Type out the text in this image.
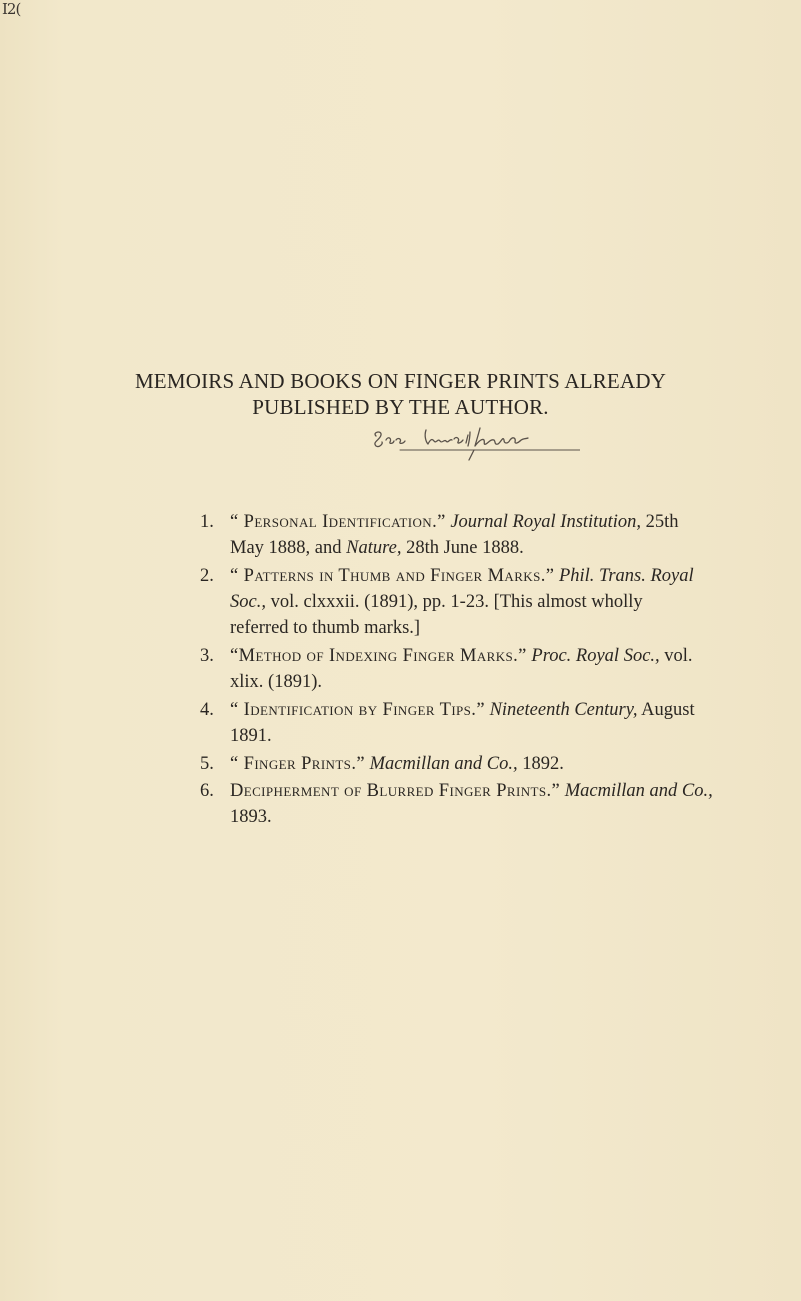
I2(
MEMOIRS AND BOOKS ON FINGER PRINTS ALREADY
PUBLISHED BY THE AUTHOR.
1. “ Personal Identification.” Journal Royal Institution, 25th
May 1888, and Nature, 28th June 1888.
2. “ Patterns in Thumb and Finger Marks.” Phil. Trans. Royal
Soc., vol. clxxxii. (1891), pp. 1-23. [This almost wholly
referred to thumb marks.]
3. “Method of Indexing Finger Marks.” Proc. Royal Soc., vol.
xlix. (1891).
4. “ Identification by Finger Tips.” Nineteenth Century, August
1891.
5. “ Finger Prints.” Macmillan and Co., 1892.
6. Decipherment of Blurred Finger Prints.” Macmillan and Co.,
1893.
